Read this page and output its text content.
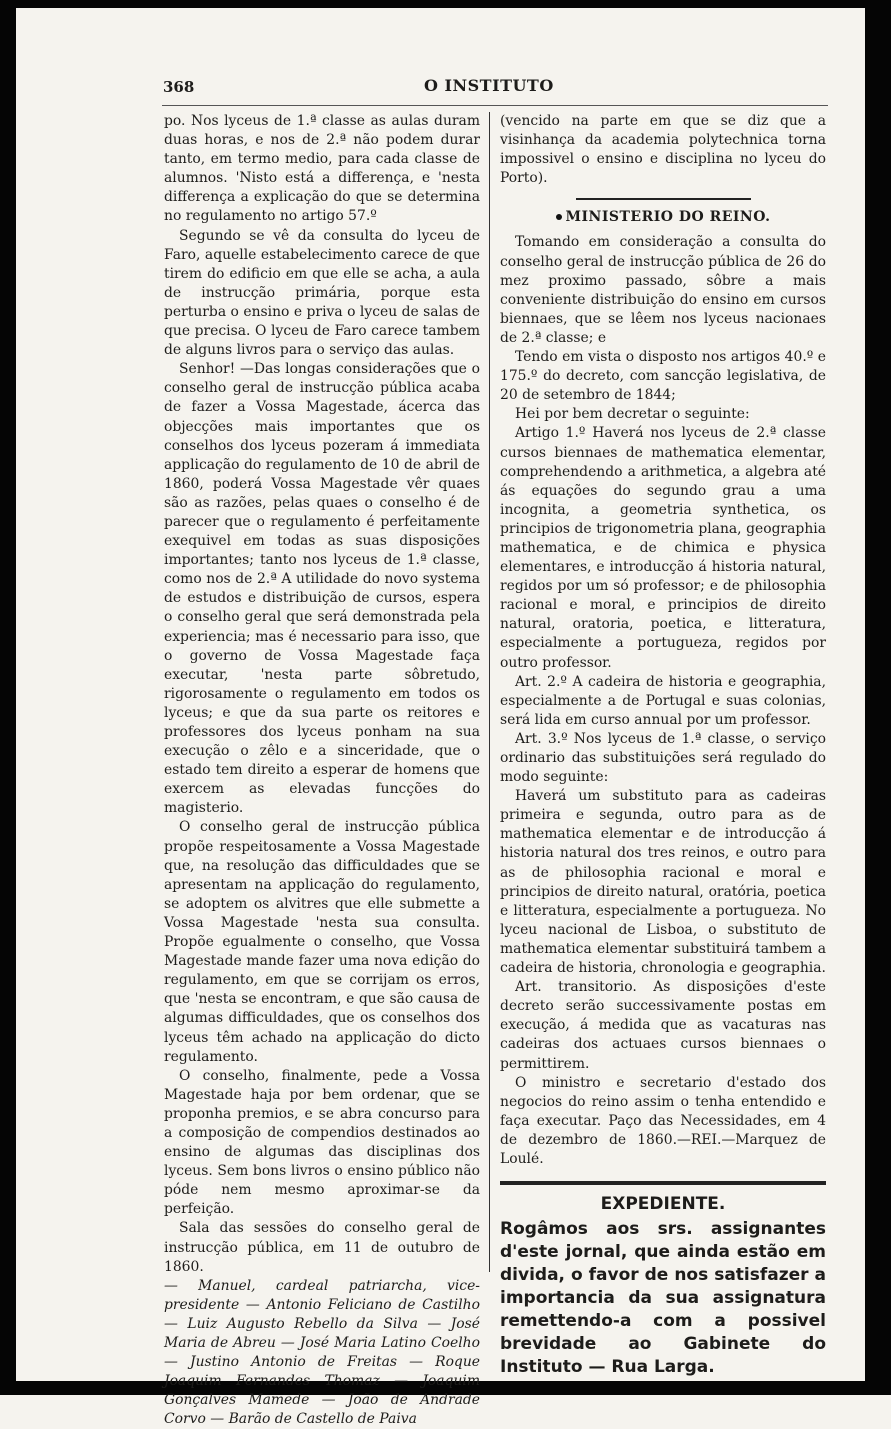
368	O INSTITUTO

po. Nos lyceus de 1.ª classe as aulas duram duas horas, e nos de 2.ª não podem durar tanto, em termo medio, para cada classe de alumnos. 'Nisto está a differença, e 'nesta differença a explicação do que se determina no regulamento no artigo 57.º

Segundo se vê da consulta do lyceu de Faro, aquelle estabelecimento carece de que tirem do edificio em que elle se acha, a aula de instrucção primária, porque esta perturba o ensino e priva o lyceu de salas de que precisa. O lyceu de Faro carece tambem de alguns livros para o serviço das aulas.

Senhor! —Das longas considerações que o conselho geral de instrucção pública acaba de fazer a Vossa Magestade, ácerca das objecções mais importantes que os conselhos dos lyceus pozeram á immediata applicação do regulamento de 10 de abril de 1860, poderá Vossa Magestade vêr quaes são as razões, pelas quaes o conselho é de parecer que o regulamento é perfeitamente exequivel em todas as suas disposições importantes; tanto nos lyceus de 1.ª classe, como nos de 2.ª A utilidade do novo systema de estudos e distribuição de cursos, espera o conselho geral que será demonstrada pela experiencia; mas é necessario para isso, que o governo de Vossa Magestade faça executar, 'nesta parte sôbretudo, rigorosamente o regulamento em todos os lyceus; e que da sua parte os reitores e professores dos lyceus ponham na sua execução o zêlo e a sinceridade, que o estado tem direito a esperar de homens que exercem as elevadas funcções do magisterio.

O conselho geral de instrucção pública propõe respeitosamente a Vossa Magestade que, na resolução das difficuldades que se apresentam na applicação do regulamento, se adoptem os alvitres que elle submette a Vossa Magestade 'nesta sua consulta. Propõe egualmente o conselho, que Vossa Magestade mande fazer uma nova edição do regulamento, em que se corrijam os erros, que 'nesta se encontram, e que são causa de algumas difficuldades, que os conselhos dos lyceus têm achado na applicação do dicto regulamento.

O conselho, finalmente, pede a Vossa Magestade haja por bem ordenar, que se proponha premios, e se abra concurso para a composição de compendios destinados ao ensino de algumas das disciplinas dos lyceus. Sem bons livros o ensino público não póde nem mesmo aproximar-se da perfeição.

Sala das sessões do conselho geral de instrucção pública, em 11 de outubro de 1860.

— Manuel, cardeal patriarcha, vice-presidente — Antonio Feliciano de Castilho — Luiz Augusto Rebello da Silva — José Maria de Abreu — José Maria Latino Coelho — Justino Antonio de Freitas — Roque Joaquim Fernandes Thomaz — Joaquim Gonçalves Mamede — João de Andrade Corvo — Barão de Castello de Paiva

(vencido na parte em que se diz que a visinhança da academia polytechnica torna impossivel o ensino e disciplina no lyceu do Porto).

MINISTERIO DO REINO.

Tomando em consideração a consulta do conselho geral de instrucção pública de 26 do mez proximo passado, sôbre a mais conveniente distribuição do ensino em cursos biennaes, que se lêem nos lyceus nacionaes de 2.ª classe; e

Tendo em vista o disposto nos artigos 40.º e 175.º do decreto, com sancção legislativa, de 20 de setembro de 1844;

Hei por bem decretar o seguinte:

Artigo 1.º Haverá nos lyceus de 2.ª classe cursos biennaes de mathematica elementar, comprehendendo a arithmetica, a algebra até ás equações do segundo grau a uma incognita, a geometria synthetica, os principios de trigonometria plana, geographia mathematica, e de chimica e physica elementares, e introducção á historia natural, regidos por um só professor; e de philosophia racional e moral, e principios de direito natural, oratoria, poetica, e litteratura, especialmente a portugueza, regidos por outro professor.

Art. 2.º A cadeira de historia e geographia, especialmente a de Portugal e suas colonias, será lida em curso annual por um professor.

Art. 3.º Nos lyceus de 1.ª classe, o serviço ordinario das substituições será regulado do modo seguinte:

Haverá um substituto para as cadeiras primeira e segunda, outro para as de mathematica elementar e de introducção á historia natural dos tres reinos, e outro para as de philosophia racional e moral e principios de direito natural, oratória, poetica e litteratura, especialmente a portugueza. No lyceu nacional de Lisboa, o substituto de mathematica elementar substituirá tambem a cadeira de historia, chronologia e geographia.

Art. transitorio. As disposições d'este decreto serão successivamente postas em execução, á medida que as vacaturas nas cadeiras dos actuaes cursos biennaes o permittirem.

O ministro e secretario d'estado dos negocios do reino assim o tenha entendido e faça executar. Paço das Necessidades, em 4 de dezembro de 1860.—REI.—Marquez de Loulé.

EXPEDIENTE.

Rogâmos aos srs. assignantes d'este jornal, que ainda estão em divida, o favor de nos satisfazer a importancia da sua assignatura remettendo-a com a possivel brevidade ao Gabinete do Instituto — Rua Larga.
